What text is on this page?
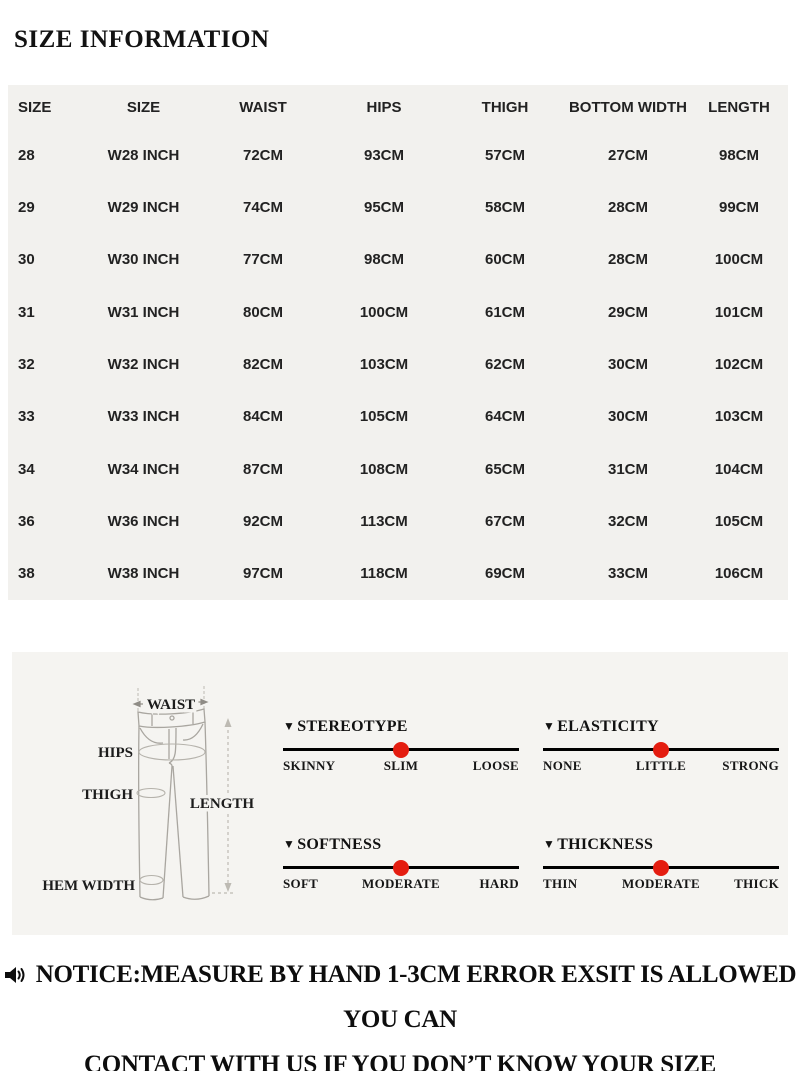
SIZE INFORMATION
SIZE	SIZE	WAIST	HIPS	THIGH	BOTTOM WIDTH	LENGTH
28	W28 INCH	72CM	93CM	57CM	27CM	98CM
29	W29 INCH	74CM	95CM	58CM	28CM	99CM
30	W30 INCH	77CM	98CM	60CM	28CM	100CM
31	W31 INCH	80CM	100CM	61CM	29CM	101CM
32	W32 INCH	82CM	103CM	62CM	30CM	102CM
33	W33 INCH	84CM	105CM	64CM	30CM	103CM
34	W34 INCH	87CM	108CM	65CM	31CM	104CM
36	W36 INCH	92CM	113CM	67CM	32CM	105CM
38	W38 INCH	97CM	118CM	69CM	33CM	106CM
WAIST
HIPS
THIGH
LENGTH
HEM WIDTH
▼ STEREOTYPE
SKINNY	SLIM	LOOSE
▼ ELASTICITY
NONE	LITTLE	STRONG
▼ SOFTNESS
SOFT	MODERATE	HARD
▼ THICKNESS
THIN	MODERATE	THICK
NOTICE:MEASURE BY HAND 1-3CM ERROR EXSIT IS ALLOWED YOU CAN
CONTACT WITH US IF YOU DON’T KNOW YOUR SIZE
